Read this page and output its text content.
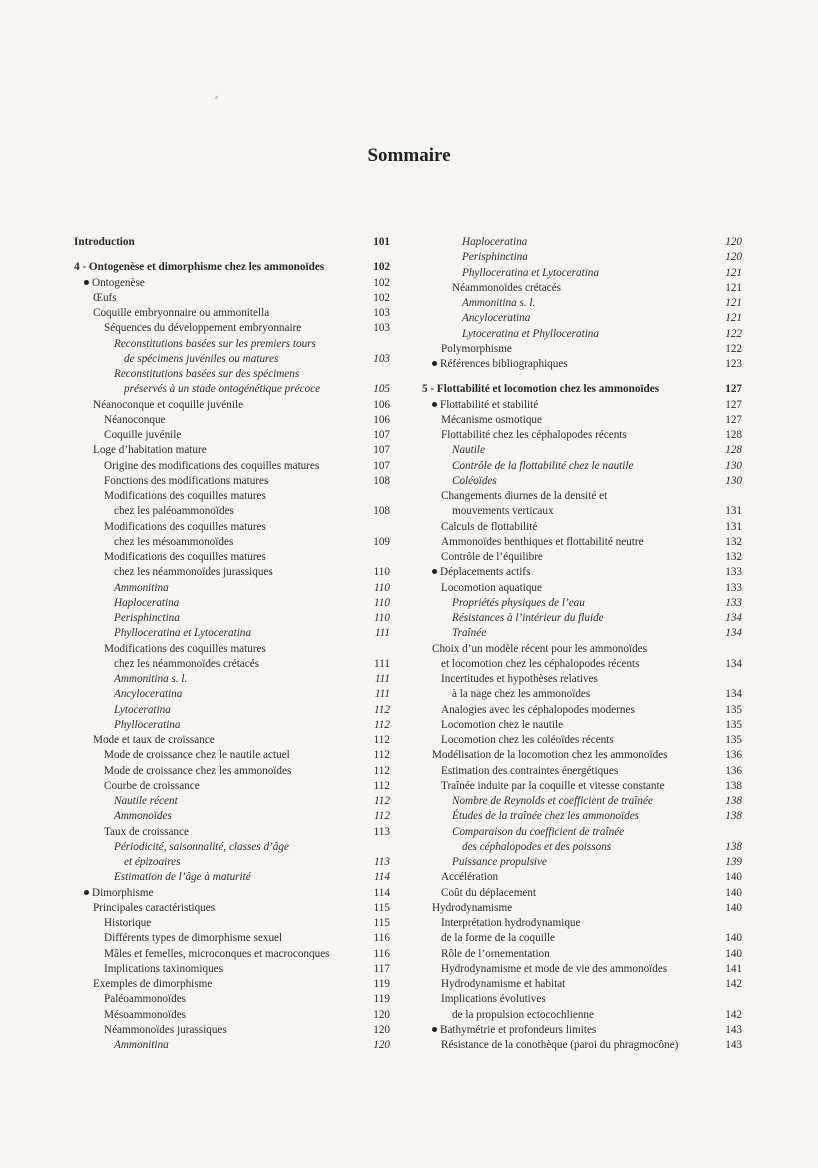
⸗
Sommaire
Introduction	101
4 - Ontogenèse et dimorphisme chez les ammonoïdes	102
Ontogenèse	102
Œufs	102
Coquille embryonnaire ou ammonitella	103
Séquences du développement embryonnaire	103
Reconstitutions basées sur les premiers tours
de spécimens juvéniles ou matures	103
Reconstitutions basées sur des spécimens
préservés à un stade ontogénétique précoce	105
Néanoconque et coquille juvénile	106
Néanoconque	106
Coquille juvénile	107
Loge d’habitation mature	107
Origine des modifications des coquilles matures	107
Fonctions des modifications matures	108
Modifications des coquilles matures
chez les paléoammonoïdes	108
Modifications des coquilles matures
chez les mésoammonoïdes	109
Modifications des coquilles matures
chez les néammonoïdes jurassiques	110
Ammonitina	110
Haploceratina	110
Perisphinctina	110
Phylloceratina et Lytoceratina	111
Modifications des coquilles matures
chez les néammonoïdes crétacés	111
Ammonitina s. l.	111
Ancyloceratina	111
Lytoceratina	112
Phylloceratina	112
Mode et taux de croissance	112
Mode de croissance chez le nautile actuel	112
Mode de croissance chez les ammonoïdes	112
Courbe de croissance	112
Nautile récent	112
Ammonoïdes	112
Taux de croissance	113
Périodicité, saisonnalité, classes d’âge
et épizoaires	113
Estimation de l’âge à maturité	114
Dimorphisme	114
Principales caractéristiques	115
Historique	115
Différents types de dimorphisme sexuel	116
Mâles et femelles, microconques et macroconques	116
Implications taxinomiques	117
Exemples de dimorphisme	119
Paléoammonoïdes	119
Mésoammonoïdes	120
Néammonoïdes jurassiques	120
Ammonitina	120
Haploceratina	120
Perisphinctina	120
Phylloceratina et Lytoceratina	121
Néammonoïdes crétacés	121
Ammonitina s. l.	121
Ancyloceratina	121
Lytoceratina et Phylloceratina	122
Polymorphisme	122
Références bibliographiques	123
5 - Flottabilité et locomotion chez les ammonoïdes	127
Flottabilité et stabilité	127
Mécanisme osmotique	127
Flottabilité chez les céphalopodes récents	128
Nautile	128
Contrôle de la flottabilité chez le nautile	130
Coléoïdes	130
Changements diurnes de la densité et
mouvements verticaux	131
Calculs de flottabilité	131
Ammonoïdes benthiques et flottabilité neutre	132
Contrôle de l’équilibre	132
Déplacements actifs	133
Locomotion aquatique	133
Propriétés physiques de l’eau	133
Résistances à l’intérieur du fluide	134
Traînée	134
Choix d’un modèle récent pour les ammonoïdes
et locomotion chez les céphalopodes récents	134
Incertitudes et hypothèses relatives
à la nage chez les ammonoïdes	134
Analogies avec les céphalopodes modernes	135
Locomotion chez le nautile	135
Locomotion chez les coléoïdes récents	135
Modélisation de la locomotion chez les ammonoïdes	136
Estimation des contraintes énergétiques	136
Traînée induite par la coquille et vitesse constante	138
Nombre de Reynolds et coefficient de traînée	138
Études de la traînée chez les ammonoïdes	138
Comparaison du coefficient de traînée
des céphalopodes et des poissons	138
Puissance propulsive	139
Accélération	140
Coût du déplacement	140
Hydrodynamisme	140
Interprétation hydrodynamique
de la forme de la coquille	140
Rôle de l’ornementation	140
Hydrodynamisme et mode de vie des ammonoïdes	141
Hydrodynamisme et habitat	142
Implications évolutives
de la propulsion ectocochlienne	142
Bathymétrie et profondeurs limites	143
Résistance de la conothèque (paroi du phragmocône)	143
